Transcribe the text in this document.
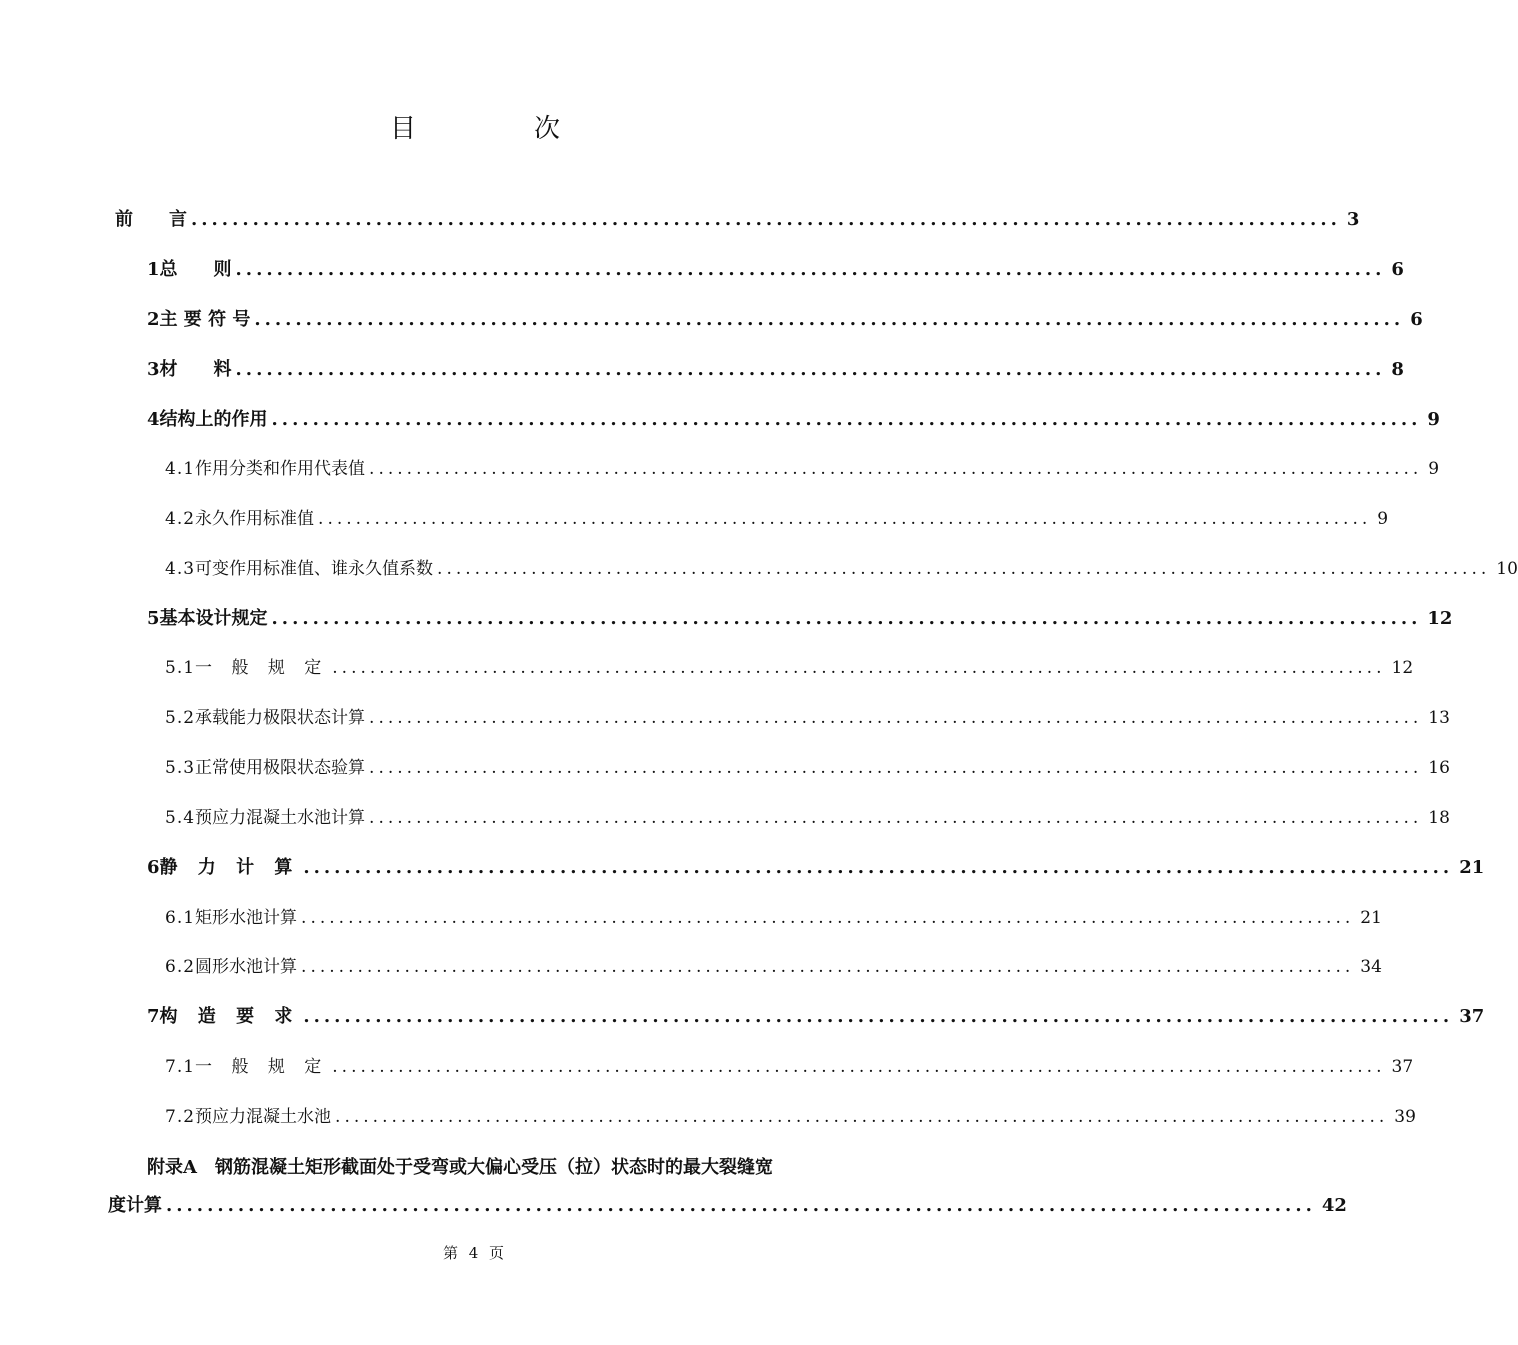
目　次
前　　言 ................................................................................................................ 3
1 总　　则 ................................................................................................................ 6
2 主 要 符 号 ................................................................................................................ 6
3 材　　料 ................................................................................................................ 8
4 结构上的作用 ................................................................................................................ 9
4.1 作用分类和作用代表值 ................................................................................................................ 9
4.2 永久作用标准值 ................................................................................................................ 9
4.3 可变作用标准值、谁永久值系数 ................................................................................................................ 10
5 基本设计规定 ................................................................................................................ 12
5.1 一 般 规 定 ................................................................................................................ 12
5.2 承载能力极限状态计算 ................................................................................................................ 13
5.3 正常使用极限状态验算 ................................................................................................................ 16
5.4 预应力混凝土水池计算 ................................................................................................................ 18
6 静 力 计 算 ................................................................................................................ 21
6.1 矩形水池计算 ................................................................................................................ 21
6.2 圆形水池计算 ................................................................................................................ 34
7 构 造 要 求 ................................................................................................................ 37
7.1 一 般 规 定 ................................................................................................................ 37
7.2 预应力混凝土水池 ................................................................................................................ 39
附录A　钢筋混凝土矩形截面处于受弯或大偏心受压（拉）状态时的最大裂缝宽
度计算 ................................................................................................................ 42
第 4 页
